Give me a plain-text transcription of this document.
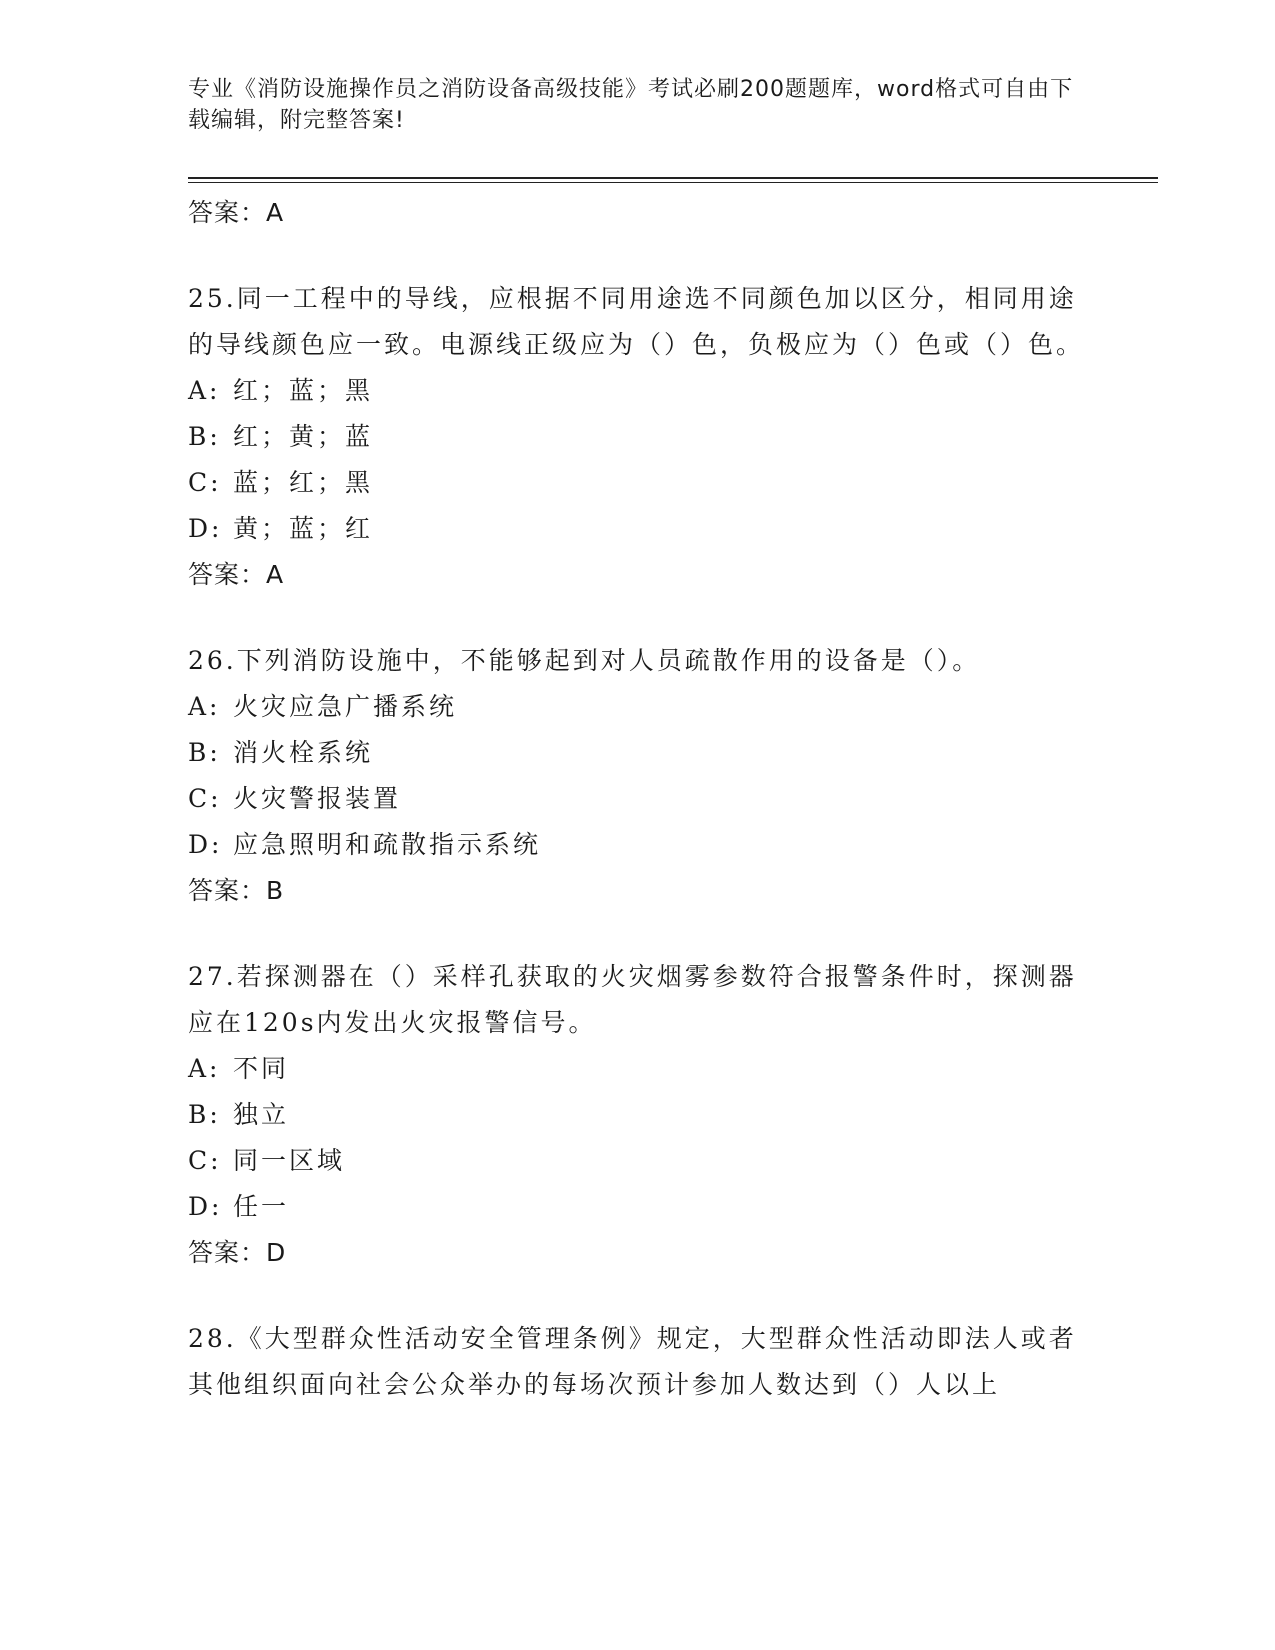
专业《消防设施操作员之消防设备高级技能》考试必刷200题题库，word格式可自由下载编辑，附完整答案!

答案：A

25.同一工程中的导线，应根据不同用途选不同颜色加以区分，相同用途的导线颜色应一致。电源线正级应为（）色，负极应为（）色或（）色。

A: 红；蓝；黑

B: 红；黄；蓝

C: 蓝；红；黑

D: 黄；蓝；红

答案：A

26.下列消防设施中，不能够起到对人员疏散作用的设备是（）。

A: 火灾应急广播系统

B: 消火栓系统

C: 火灾警报装置

D: 应急照明和疏散指示系统

答案：B

27.若探测器在（）采样孔获取的火灾烟雾参数符合报警条件时，探测器应在120s内发出火灾报警信号。

A: 不同

B: 独立

C: 同一区域

D: 任一

答案：D

28.《大型群众性活动安全管理条例》规定，大型群众性活动即法人或者其他组织面向社会公众举办的每场次预计参加人数达到（）人以上
